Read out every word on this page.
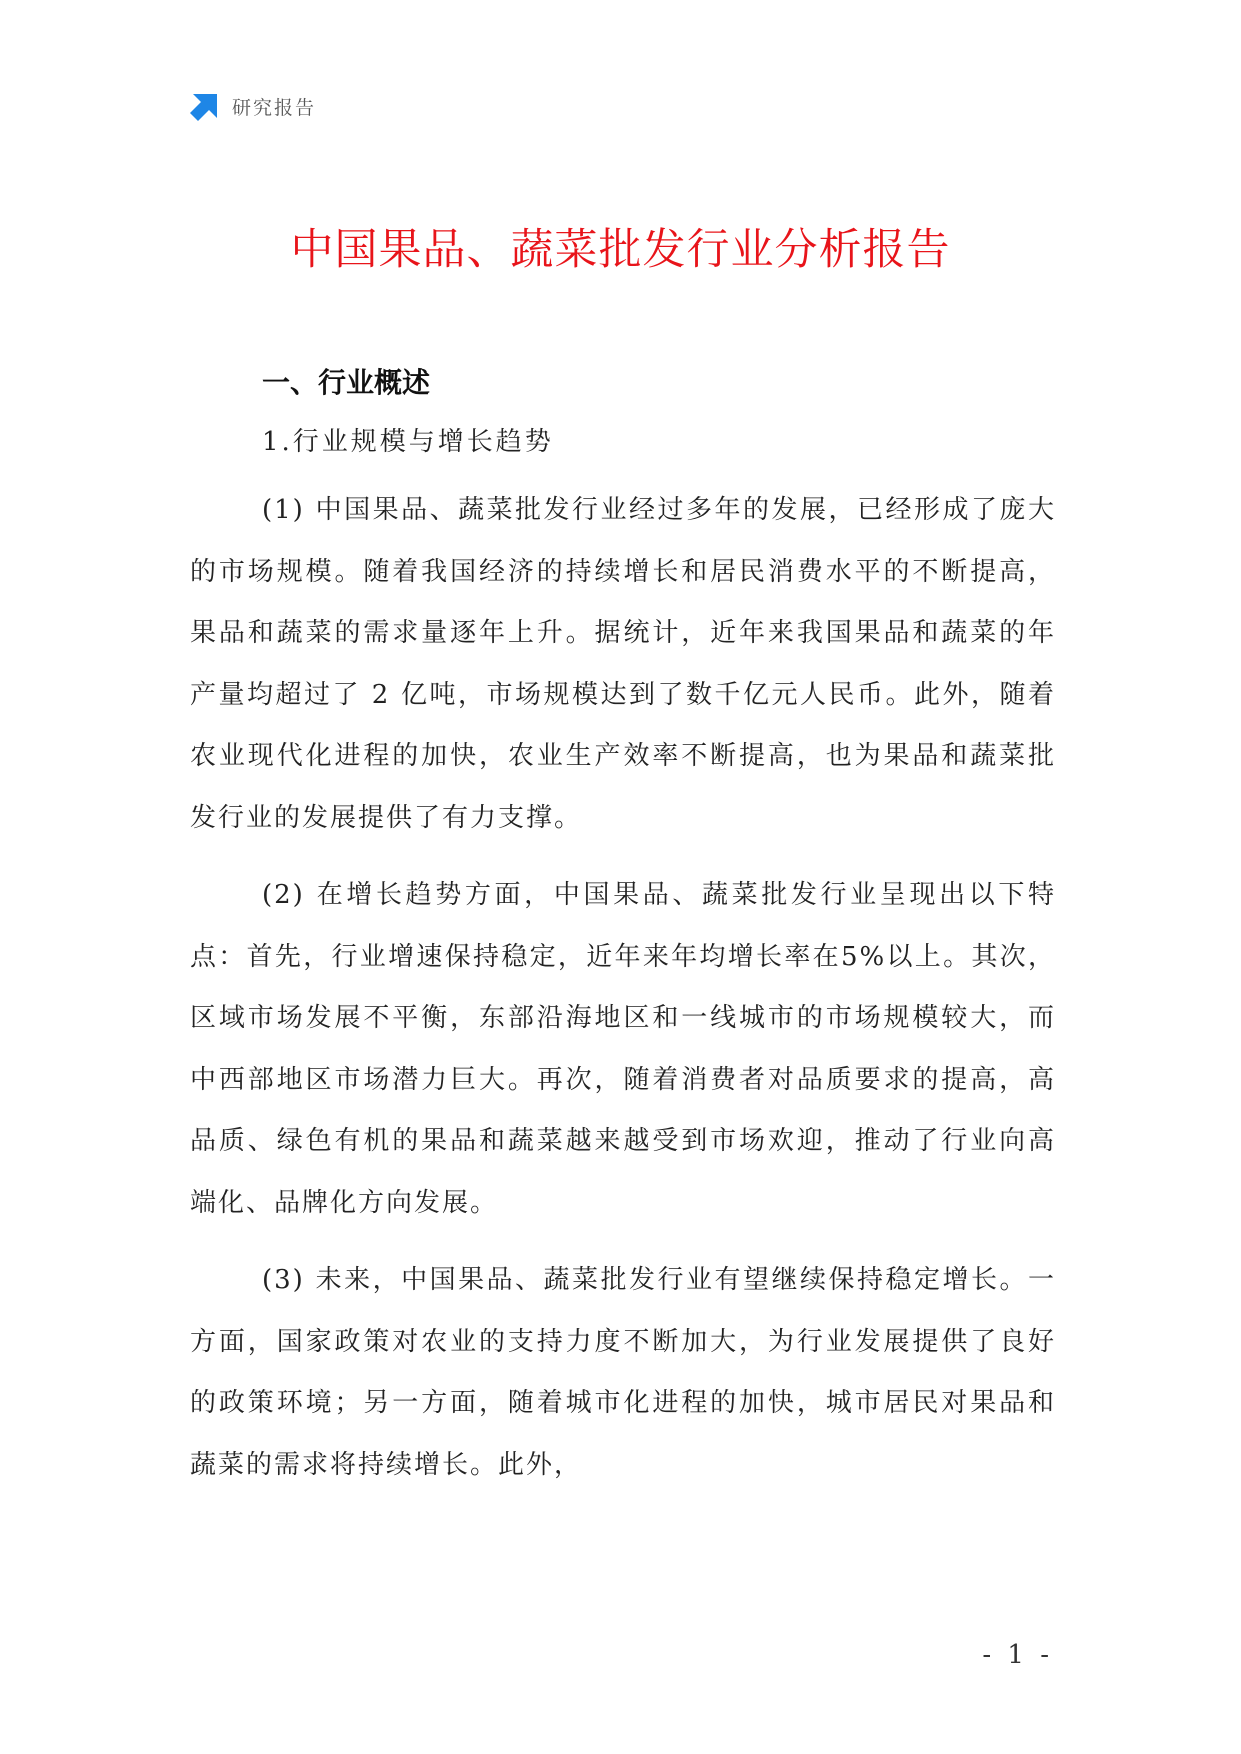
研究报告
中国果品、蔬菜批发行业分析报告
一、行业概述
1.行业规模与增长趋势

(1) 中国果品、蔬菜批发行业经过多年的发展，已经形成了庞大的市场规模。随着我国经济的持续增长和居民消费水平的不断提高，果品和蔬菜的需求量逐年上升。据统计，近年来我国果品和蔬菜的年产量均超过了 2 亿吨，市场规模达到了数千亿元人民币。此外，随着农业现代化进程的加快，农业生产效率不断提高，也为果品和蔬菜批发行业的发展提供了有力支撑。

(2) 在增长趋势方面，中国果品、蔬菜批发行业呈现出以下特点：首先，行业增速保持稳定，近年来年均增长率在5%以上。其次，区域市场发展不平衡，东部沿海地区和一线城市的市场规模较大，而中西部地区市场潜力巨大。再次，随着消费者对品质要求的提高，高品质、绿色有机的果品和蔬菜越来越受到市场欢迎，推动了行业向高端化、品牌化方向发展。

(3) 未来，中国果品、蔬菜批发行业有望继续保持稳定增长。一方面，国家政策对农业的支持力度不断加大，为行业发展提供了良好的政策环境；另一方面，随着城市化进程的加快，城市居民对果品和蔬菜的需求将持续增长。此外，

- 1 -
